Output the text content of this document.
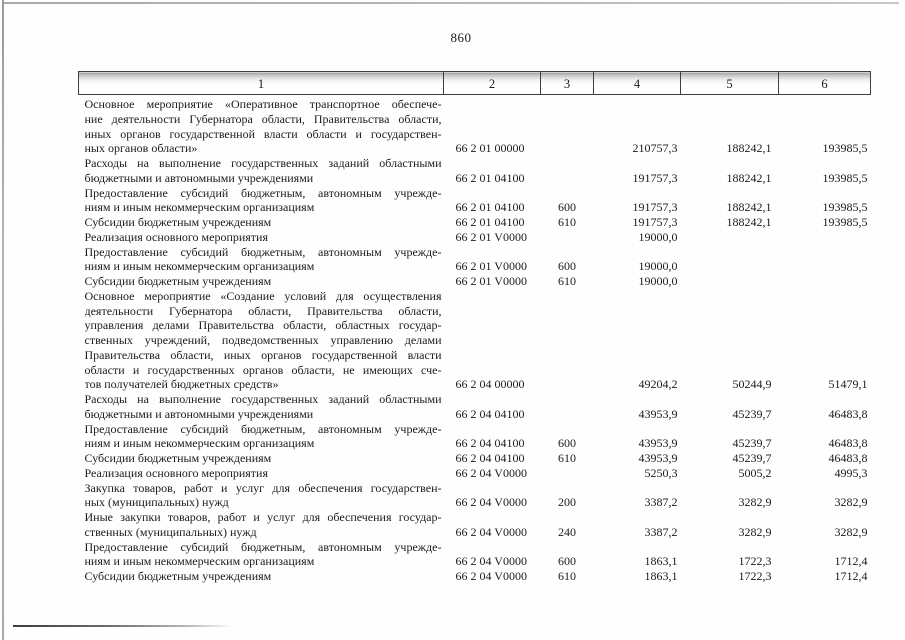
860
1	2	3	4	5	6

Основное мероприятие «Оперативное транспортное обеспече-
ние деятельности Губернатора области, Правительства области,
иных органов государственной власти области и государствен-
ных органов области»	66 2 01 00000		210757,3	188242,1	193985,5

Расходы на выполнение государственных заданий областными
бюджетными и автономными учреждениями	66 2 01 04100		191757,3	188242,1	193985,5

Предоставление субсидий бюджетным, автономным учрежде-
ниям и иным некоммерческим организациям	66 2 01 04100	600	191757,3	188242,1	193985,5

Субсидии бюджетным учреждениям	66 2 01 04100	610	191757,3	188242,1	193985,5

Реализация основного мероприятия	66 2 01 V0000		19000,0		

Предоставление субсидий бюджетным, автономным учрежде-
ниям и иным некоммерческим организациям	66 2 01 V0000	600	19000,0		

Субсидии бюджетным учреждениям	66 2 01 V0000	610	19000,0		

Основное мероприятие «Создание условий для осуществления
деятельности Губернатора области, Правительства области,
управления делами Правительства области, областных государ-
ственных учреждений, подведомственных управлению делами
Правительства области, иных органов государственной власти
области и государственных органов области, не имеющих сче-
тов получателей бюджетных средств»	66 2 04 00000		49204,2	50244,9	51479,1

Расходы на выполнение государственных заданий областными
бюджетными и автономными учреждениями	66 2 04 04100		43953,9	45239,7	46483,8

Предоставление субсидий бюджетным, автономным учрежде-
ниям и иным некоммерческим организациям	66 2 04 04100	600	43953,9	45239,7	46483,8

Субсидии бюджетным учреждениям	66 2 04 04100	610	43953,9	45239,7	46483,8

Реализация основного мероприятия	66 2 04 V0000		5250,3	5005,2	4995,3

Закупка товаров, работ и услуг для обеспечения государствен-
ных (муниципальных) нужд	66 2 04 V0000	200	3387,2	3282,9	3282,9

Иные закупки товаров, работ и услуг для обеспечения государ-
ственных (муниципальных) нужд	66 2 04 V0000	240	3387,2	3282,9	3282,9

Предоставление субсидий бюджетным, автономным учрежде-
ниям и иным некоммерческим организациям	66 2 04 V0000	600	1863,1	1722,3	1712,4

Субсидии бюджетным учреждениям	66 2 04 V0000	610	1863,1	1722,3	1712,4
